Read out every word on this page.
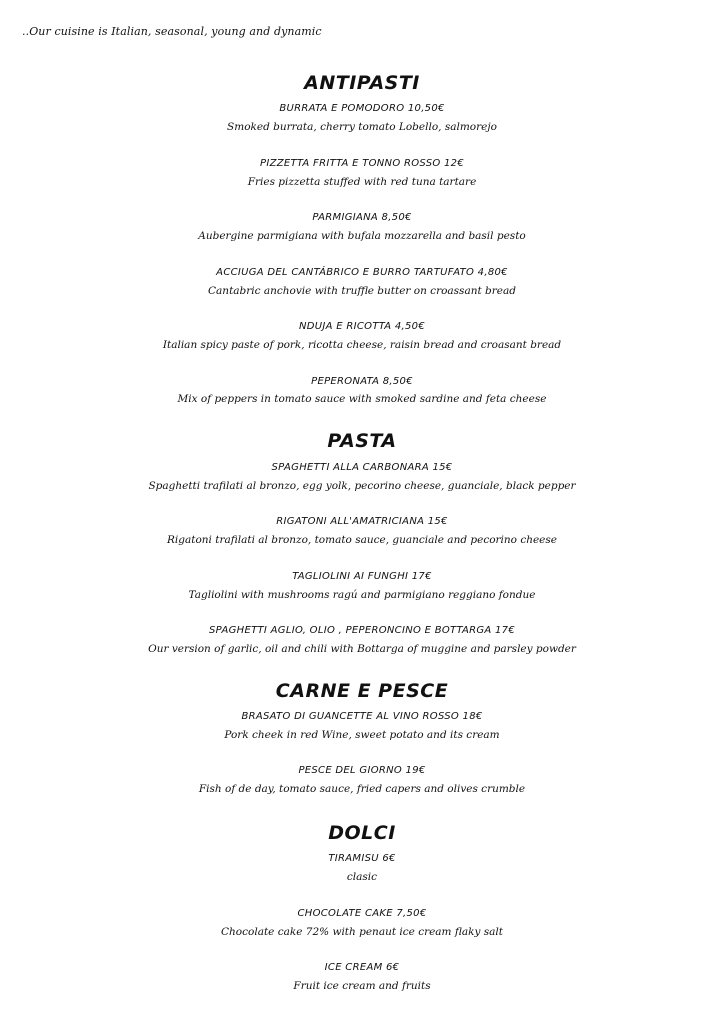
..Our cuisine is Italian, seasonal, young and dynamic
ANTIPASTI
BURRATA E POMODORO 10,50€
Smoked burrata, cherry tomato Lobello, salmorejo
PIZZETTA FRITTA E TONNO ROSSO 12€
Fries pizzetta stuffed with red tuna tartare
PARMIGIANA 8,50€
Aubergine parmigiana with bufala mozzarella and basil pesto
ACCIUGA DEL CANTÁBRICO E BURRO TARTUFATO 4,80€
Cantabric anchovie with truffle butter on croassant bread
NDUJA E RICOTTA 4,50€
Italian spicy paste of pork, ricotta cheese, raisin bread and croasant bread
PEPERONATA 8,50€
Mix of peppers in tomato sauce with smoked sardine and feta cheese
PASTA
SPAGHETTI ALLA CARBONARA 15€
Spaghetti trafilati al bronzo, egg yolk, pecorino cheese, guanciale, black pepper
RIGATONI ALL'AMATRICIANA 15€
Rigatoni trafilati al bronzo, tomato sauce, guanciale and pecorino cheese
TAGLIOLINI AI FUNGHI 17€
Tagliolini with mushrooms ragú and parmigiano reggiano fondue
SPAGHETTI AGLIO, OLIO , PEPERONCINO E BOTTARGA 17€
Our version of garlic, oil and chili with Bottarga of muggine and parsley powder
CARNE E PESCE
BRASATO DI GUANCETTE AL VINO ROSSO 18€
Pork cheek in red Wine, sweet potato and its cream
PESCE DEL GIORNO 19€
Fish of de day, tomato sauce, fried capers and olives crumble
DOLCI
TIRAMISU 6€
clasic
CHOCOLATE CAKE 7,50€
Chocolate cake 72% with penaut ice cream flaky salt
ICE CREAM 6€
Fruit ice cream and fruits
